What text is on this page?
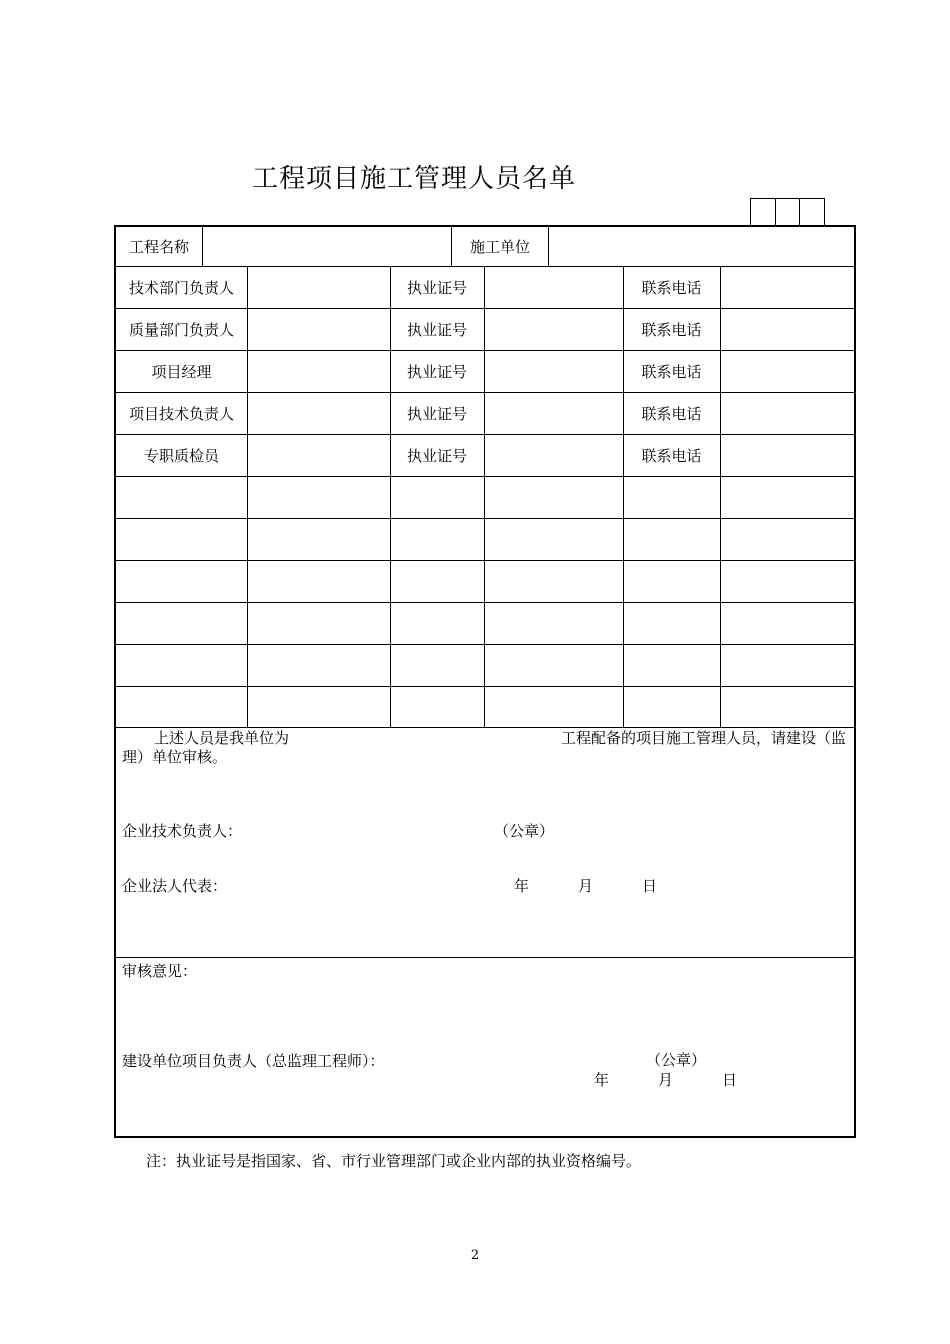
工程项目施工管理人员名单
工程名称	施工单位
技术部门负责人	执业证号	联系电话
质量部门负责人	执业证号	联系电话
项目经理	执业证号	联系电话
项目技术负责人	执业证号	联系电话
专职质检员	执业证号	联系电话
上述人员是我单位为	工程配备的项目施工管理人员，请建设（监
理）单位审核。
企业技术负责人：	（公章）
企业法人代表：	年	月	日
审核意见：
建设单位项目负责人（总监理工程师）：	（公章）
年	月	日
注：执业证号是指国家、省、市行业管理部门或企业内部的执业资格编号。
2
